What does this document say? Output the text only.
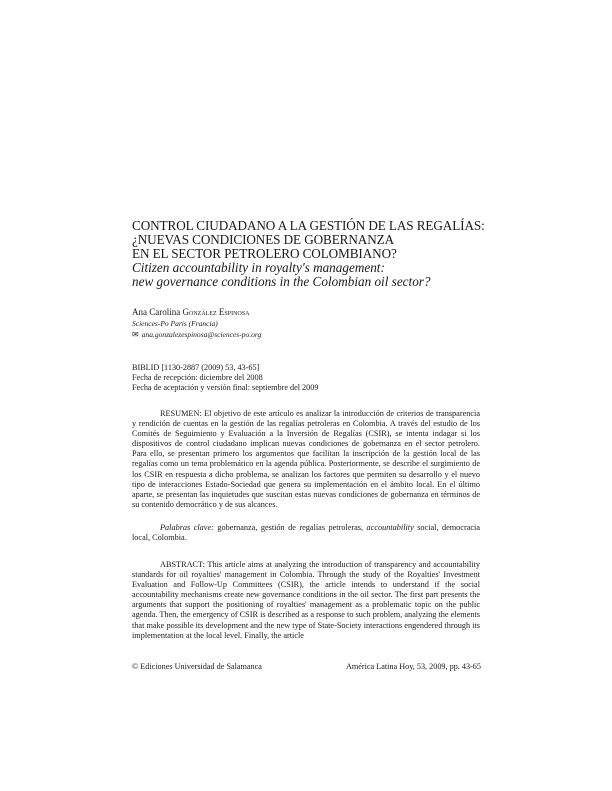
CONTROL CIUDADANO A LA GESTIÓN DE LAS REGALÍAS:
¿NUEVAS CONDICIONES DE GOBERNANZA
EN EL SECTOR PETROLERO COLOMBIANO?
Citizen accountability in royalty's management:
new governance conditions in the Colombian oil sector?
Ana Carolina González Espinosa
Sciences-Po Paris (Francia)
✉ ana.gonzalezespinosa@sciences-po.org
BIBLID [1130-2887 (2009) 53, 43-65]
Fecha de recepción: diciembre del 2008
Fecha de aceptación y versión final: septiembre del 2009

RESUMEN: El objetivo de este artículo es analizar la introducción de criterios de transparencia y rendición de cuentas en la gestión de las regalías petroleras en Colombia. A través del estudio de los Comités de Seguimiento y Evaluación a la Inversión de Regalías (CSIR), se intenta indagar si los dispositivos de control ciudadano implican nuevas condiciones de gobernanza en el sector petrolero. Para ello, se presentan primero los argumentos que facilitan la inscripción de la gestión local de las regalías como un tema problemático en la agenda pública. Posteriormente, se describe el surgimiento de los CSIR en respuesta a dicho problema, se analizan los factores que permiten su desarrollo y el nuevo tipo de interacciones Estado-Sociedad que genera su implementación en el ámbito local. En el último aparte, se presentan las inquietudes que suscitan estas nuevas condiciones de gobernanza en términos de su contenido democrático y de sus alcances.

Palabras clave: gobernanza, gestión de regalías petroleras, accountability social, democracia local, Colombia.

ABSTRACT: This article aims at analyzing the introduction of transparency and accountability standards for oil royalties' management in Colombia. Through the study of the Royalties' Investment Evaluation and Follow-Up Committees (CSIR), the article intends to understand if the social accountability mechanisms create new governance conditions in the oil sector. The first part presents the arguments that support the positioning of royalties' management as a problematic topic on the public agenda. Then, the emergency of CSIR is described as a response to such problem, analyzing the elements that make possible its development and the new type of State-Society interactions engendered through its implementation at the local level. Finally, the article

© Ediciones Universidad de Salamanca	América Latina Hoy, 53, 2009, pp. 43-65
